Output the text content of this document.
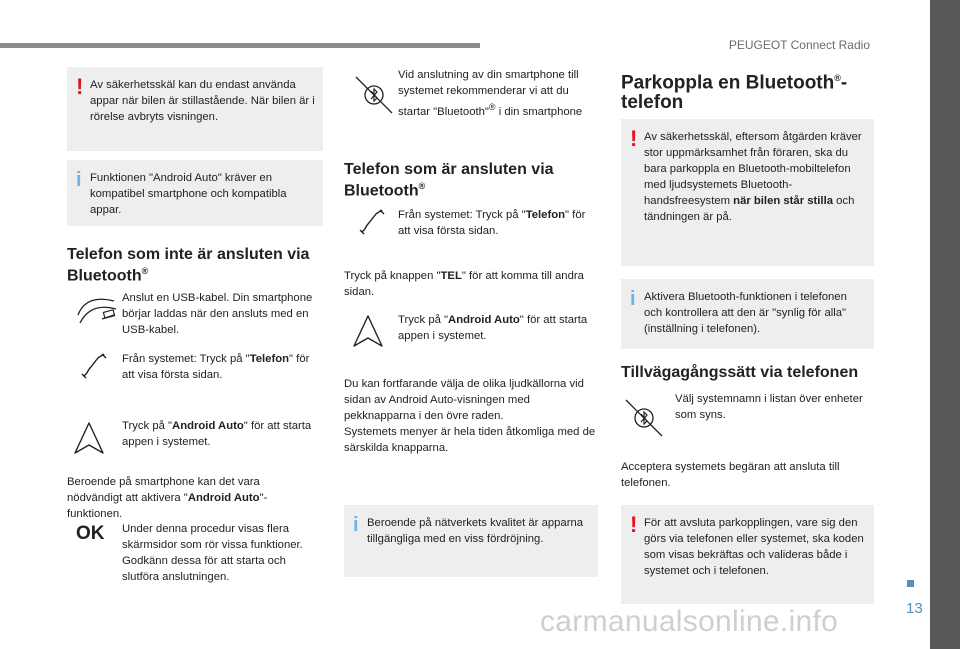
PEUGEOT Connect Radio
13
carmanualsonline.info
! Av säkerhetsskäl kan du endast använda appar när bilen är stillastående. När bilen är i rörelse avbryts visningen.
i Funktionen "Android Auto" kräver en kompatibel smartphone och kompatibla appar.
Telefon som inte är ansluten via Bluetooth®
Anslut en USB-kabel. Din smartphone börjar laddas när den ansluts med en USB-kabel.
Från systemet: Tryck på "Telefon" för att visa första sidan.
Tryck på "Android Auto" för att starta appen i systemet.
Beroende på smartphone kan det vara nödvändigt att aktivera "Android Auto"-funktionen.
OK Under denna procedur visas flera skärmsidor som rör vissa funktioner. Godkänn dessa för att starta och slutföra anslutningen.
Vid anslutning av din smartphone till systemet rekommenderar vi att du startar "Bluetooth"® i din smartphone
Telefon som är ansluten via Bluetooth®
Från systemet: Tryck på "Telefon" för att visa första sidan.
Tryck på knappen "TEL" för att komma till andra sidan.
Tryck på "Android Auto" för att starta appen i systemet.
Du kan fortfarande välja de olika ljudkällorna vid sidan av Android Auto-visningen med pekknapparna i den övre raden.
Systemets menyer är hela tiden åtkomliga med de särskilda knapparna.
i Beroende på nätverkets kvalitet är apparna tillgängliga med en viss fördröjning.
Parkoppla en Bluetooth®-
telefon
! Av säkerhetsskäl, eftersom åtgärden kräver stor uppmärksamhet från föraren, ska du bara parkoppla en Bluetooth-mobiltelefon med ljudsystemets Bluetooth-handsfreesystem när bilen står stilla och tändningen är på.
i Aktivera Bluetooth-funktionen i telefonen och kontrollera att den är "synlig för alla" (inställning i telefonen).
Tillvägagångssätt via telefonen
Välj systemnamn i listan över enheter som syns.
Acceptera systemets begäran att ansluta till telefonen.
! För att avsluta parkopplingen, vare sig den görs via telefonen eller systemet, ska koden som visas bekräftas och valideras både i systemet och i telefonen.
